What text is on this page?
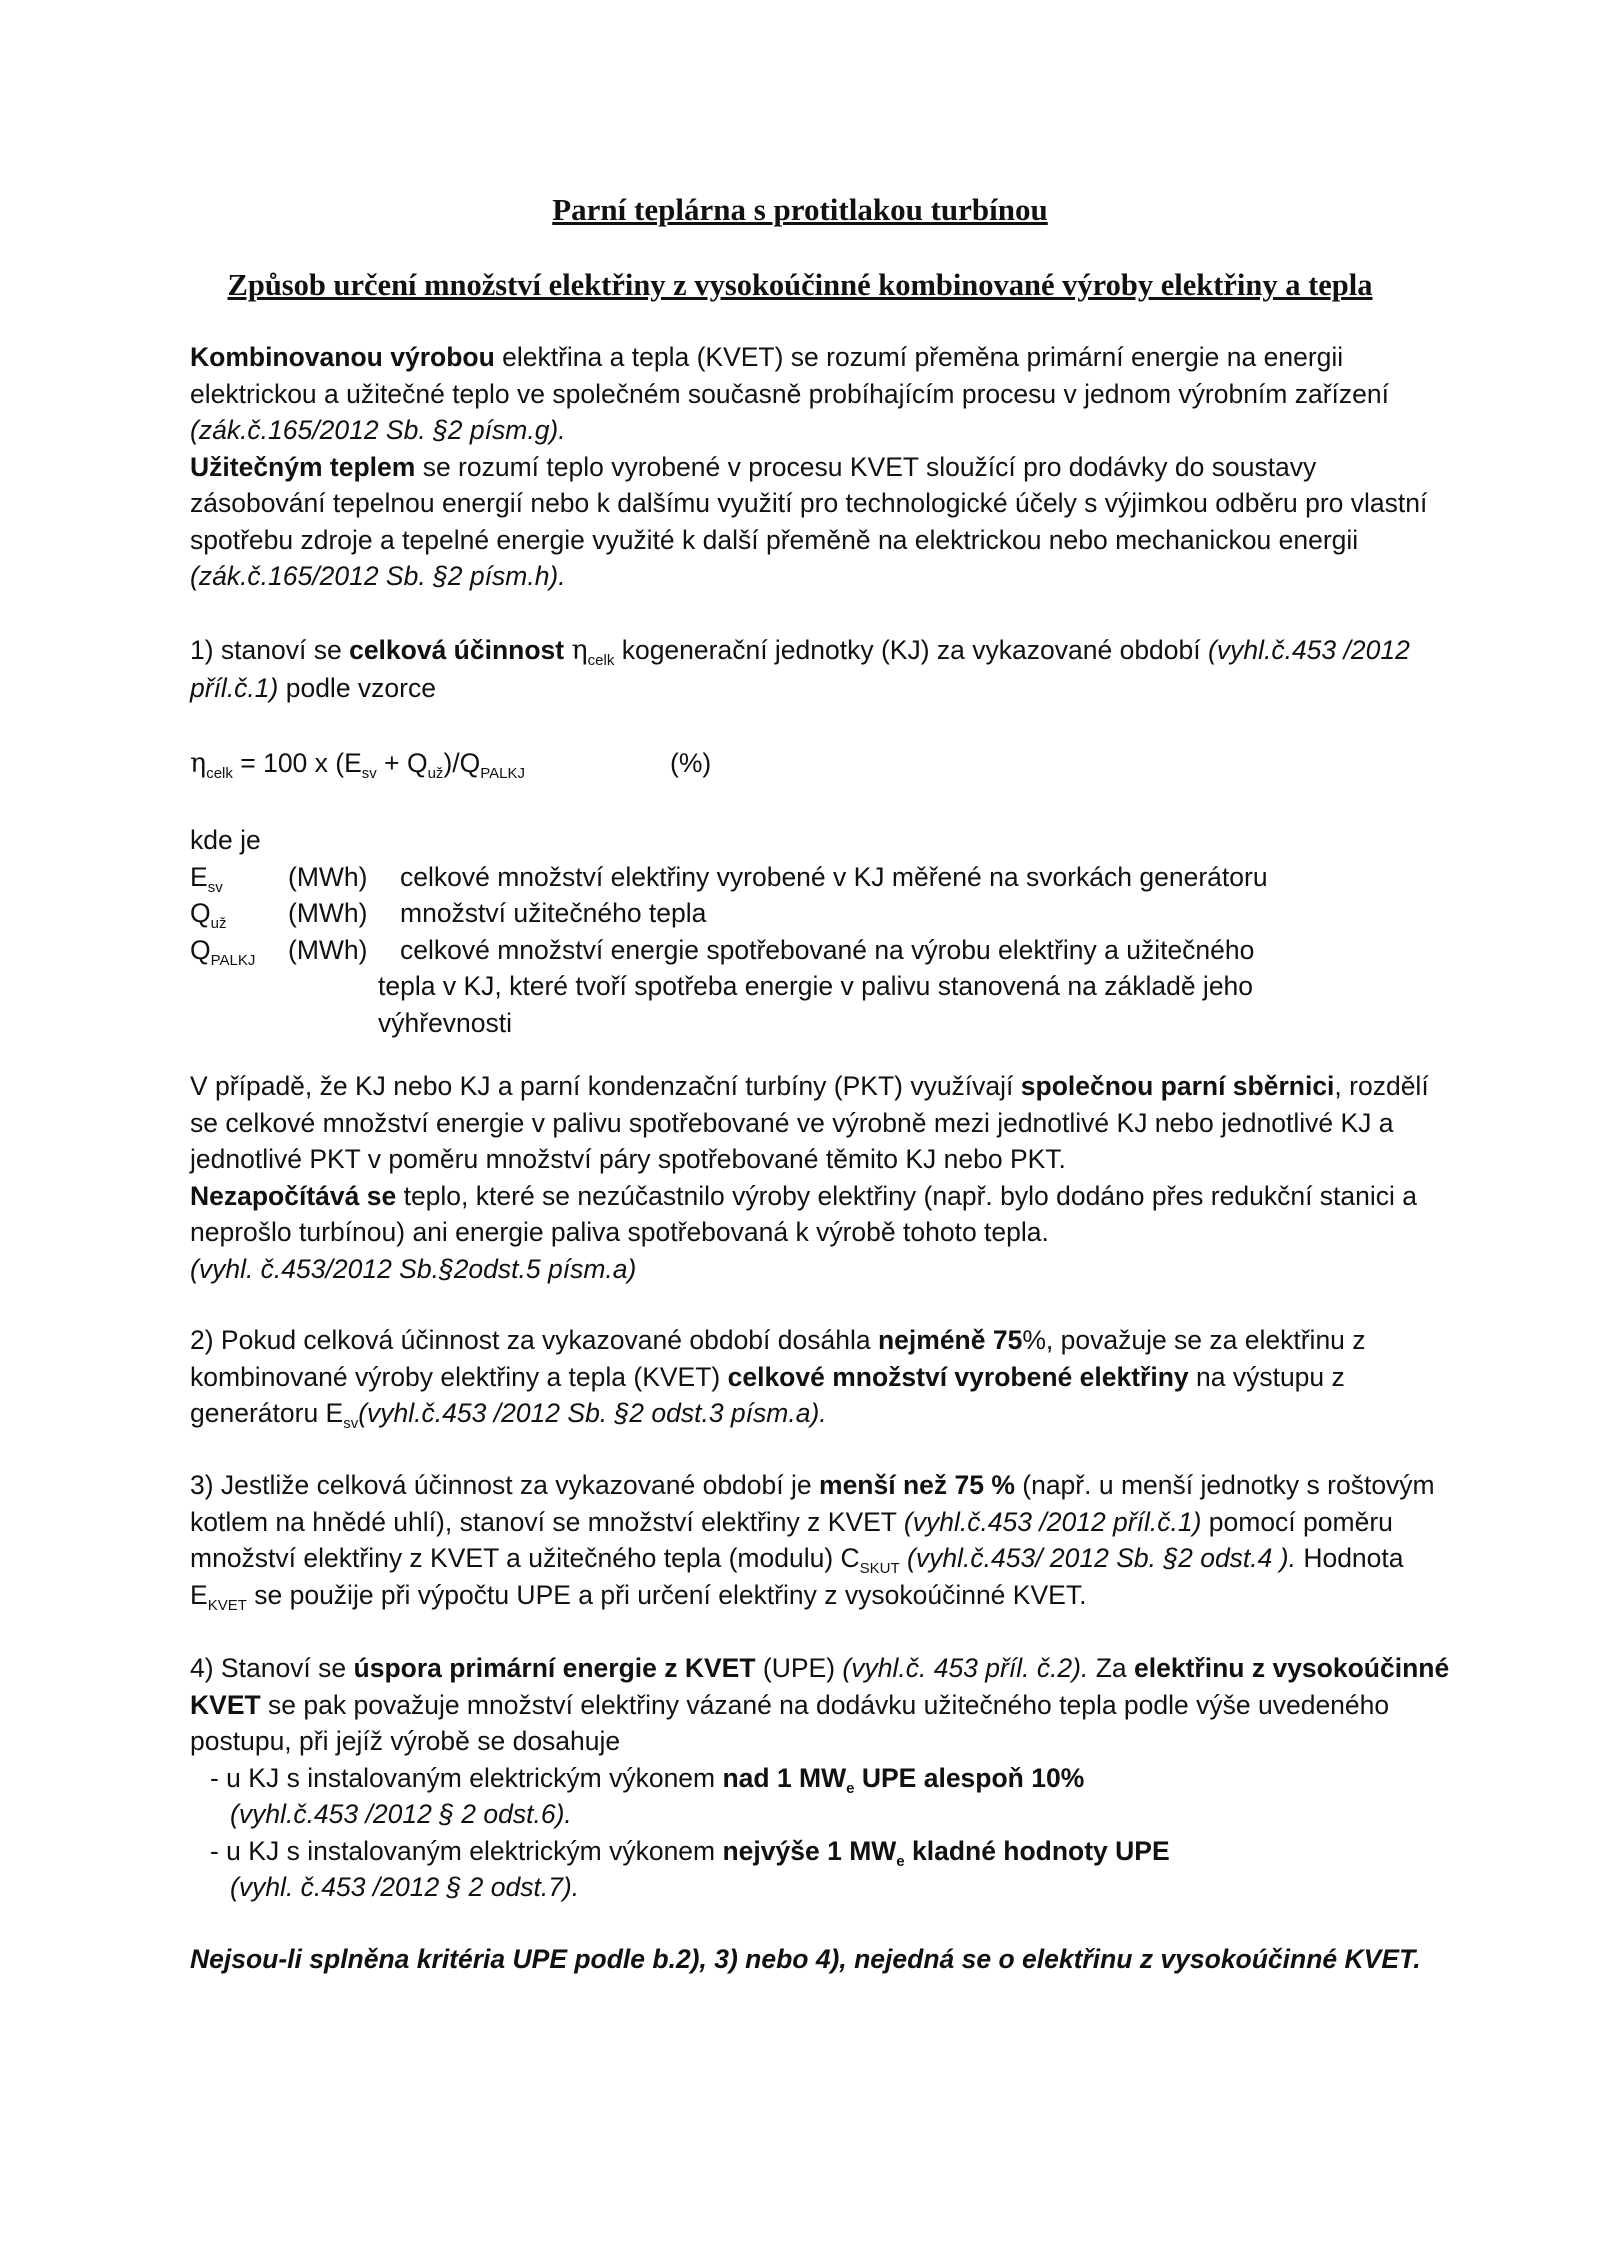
Parní teplárna s protitlakou turbínou
Způsob určení množství elektřiny z vysokoúčinné kombinované výroby elektřiny a tepla

Kombinovanou výrobou elektřina a tepla (KVET) se rozumí přeměna primární energie na energii elektrickou a užitečné teplo ve společném současně probíhajícím procesu v jednom výrobním zařízení (zák.č.165/2012 Sb. §2 písm.g).

Užitečným teplem se rozumí teplo vyrobené v procesu KVET sloužící pro dodávky do soustavy zásobování tepelnou energií nebo k dalšímu využití pro technologické účely s výjimkou odběru pro vlastní spotřebu zdroje a tepelné energie využité k další přeměně na elektrickou nebo mechanickou energii (zák.č.165/2012 Sb. §2 písm.h).

1) stanoví se celková účinnost $\eta_{celk}$ kogenerační jednotky (KJ) za vykazované období (vyhl.č.453 /2012 příl.č.1) podle vzorce

$\eta_{celk} = 100$ x $(E_{sv} + Q_{už})/Q_{PALKJ}$	(%)
kde je
$E_{sv}$ (MWh) celkové množství elektřiny vyrobené v KJ měřené na svorkách generátoru
$Q_{už}$ (MWh) množství užitečného tepla
$Q_{PALKJ}$ (MWh) celkové množství energie spotřebované na výrobu elektřiny a užitečného
tepla v KJ, které tvoří spotřeba energie v palivu stanovená na základě jeho
výhřevnosti

V případě, že KJ nebo KJ a parní kondenzační turbíny (PKT) využívají společnou parní sběrnici, rozdělí se celkové množství energie v palivu spotřebované ve výrobně mezi jednotlivé KJ nebo jednotlivé KJ a jednotlivé PKT v poměru množství páry spotřebované těmito KJ nebo PKT.

Nezapočítává se teplo, které se nezúčastnilo výroby elektřiny (např. bylo dodáno přes redukční stanici a neprošlo turbínou) ani energie paliva spotřebovaná k výrobě tohoto tepla.

(vyhl. č.453/2012 Sb.§2odst.5 písm.a)

2) Pokud celková účinnost za vykazované období dosáhla nejméně 75%, považuje se za elektřinu z kombinované výroby elektřiny a tepla (KVET) celkové množství vyrobené elektřiny na výstupu z generátoru $E_{sv}(vyhl.č.453$ /2012 Sb. §2 odst.3 písm.a).

3) Jestliže celková účinnost za vykazované období je menší než 75 % (např. u menší jednotky s roštovým kotlem na hnědé uhlí), stanoví se množství elektřiny z KVET (vyhl.č.453 /2012 příl.č.1) pomocí poměru množství elektřiny z KVET a užitečného tepla (modulu) $C_{SKUT}$ (vyhl.č.453/ 2012 Sb. §2 odst.4 ). Hodnota $E_{KVET}$ se použije při výpočtu UPE a při určení elektřiny z vysokoúčinné KVET.

4) Stanoví se úspora primární energie z KVET (UPE) (vyhl.č. 453 příl. č.2). Za elektřinu z vysokoúčinné KVET se pak považuje množství elektřiny vázané na dodávku užitečného tepla podle výše uvedeného postupu, při jejíž výrobě se dosahuje

- u KJ s instalovaným elektrickým výkonem nad 1 $MW_e$ UPE alespoň 10%

(vyhl.č.453 /2012 § 2 odst.6).

- u KJ s instalovaným elektrickým výkonem nejvýše 1 $MW_e$ kladné hodnoty UPE

(vyhl. č.453 /2012 § 2 odst.7).

Nejsou-li splněna kritéria UPE podle b.2), 3) nebo 4), nejedná se o elektřinu z vysokoúčinné KVET.
